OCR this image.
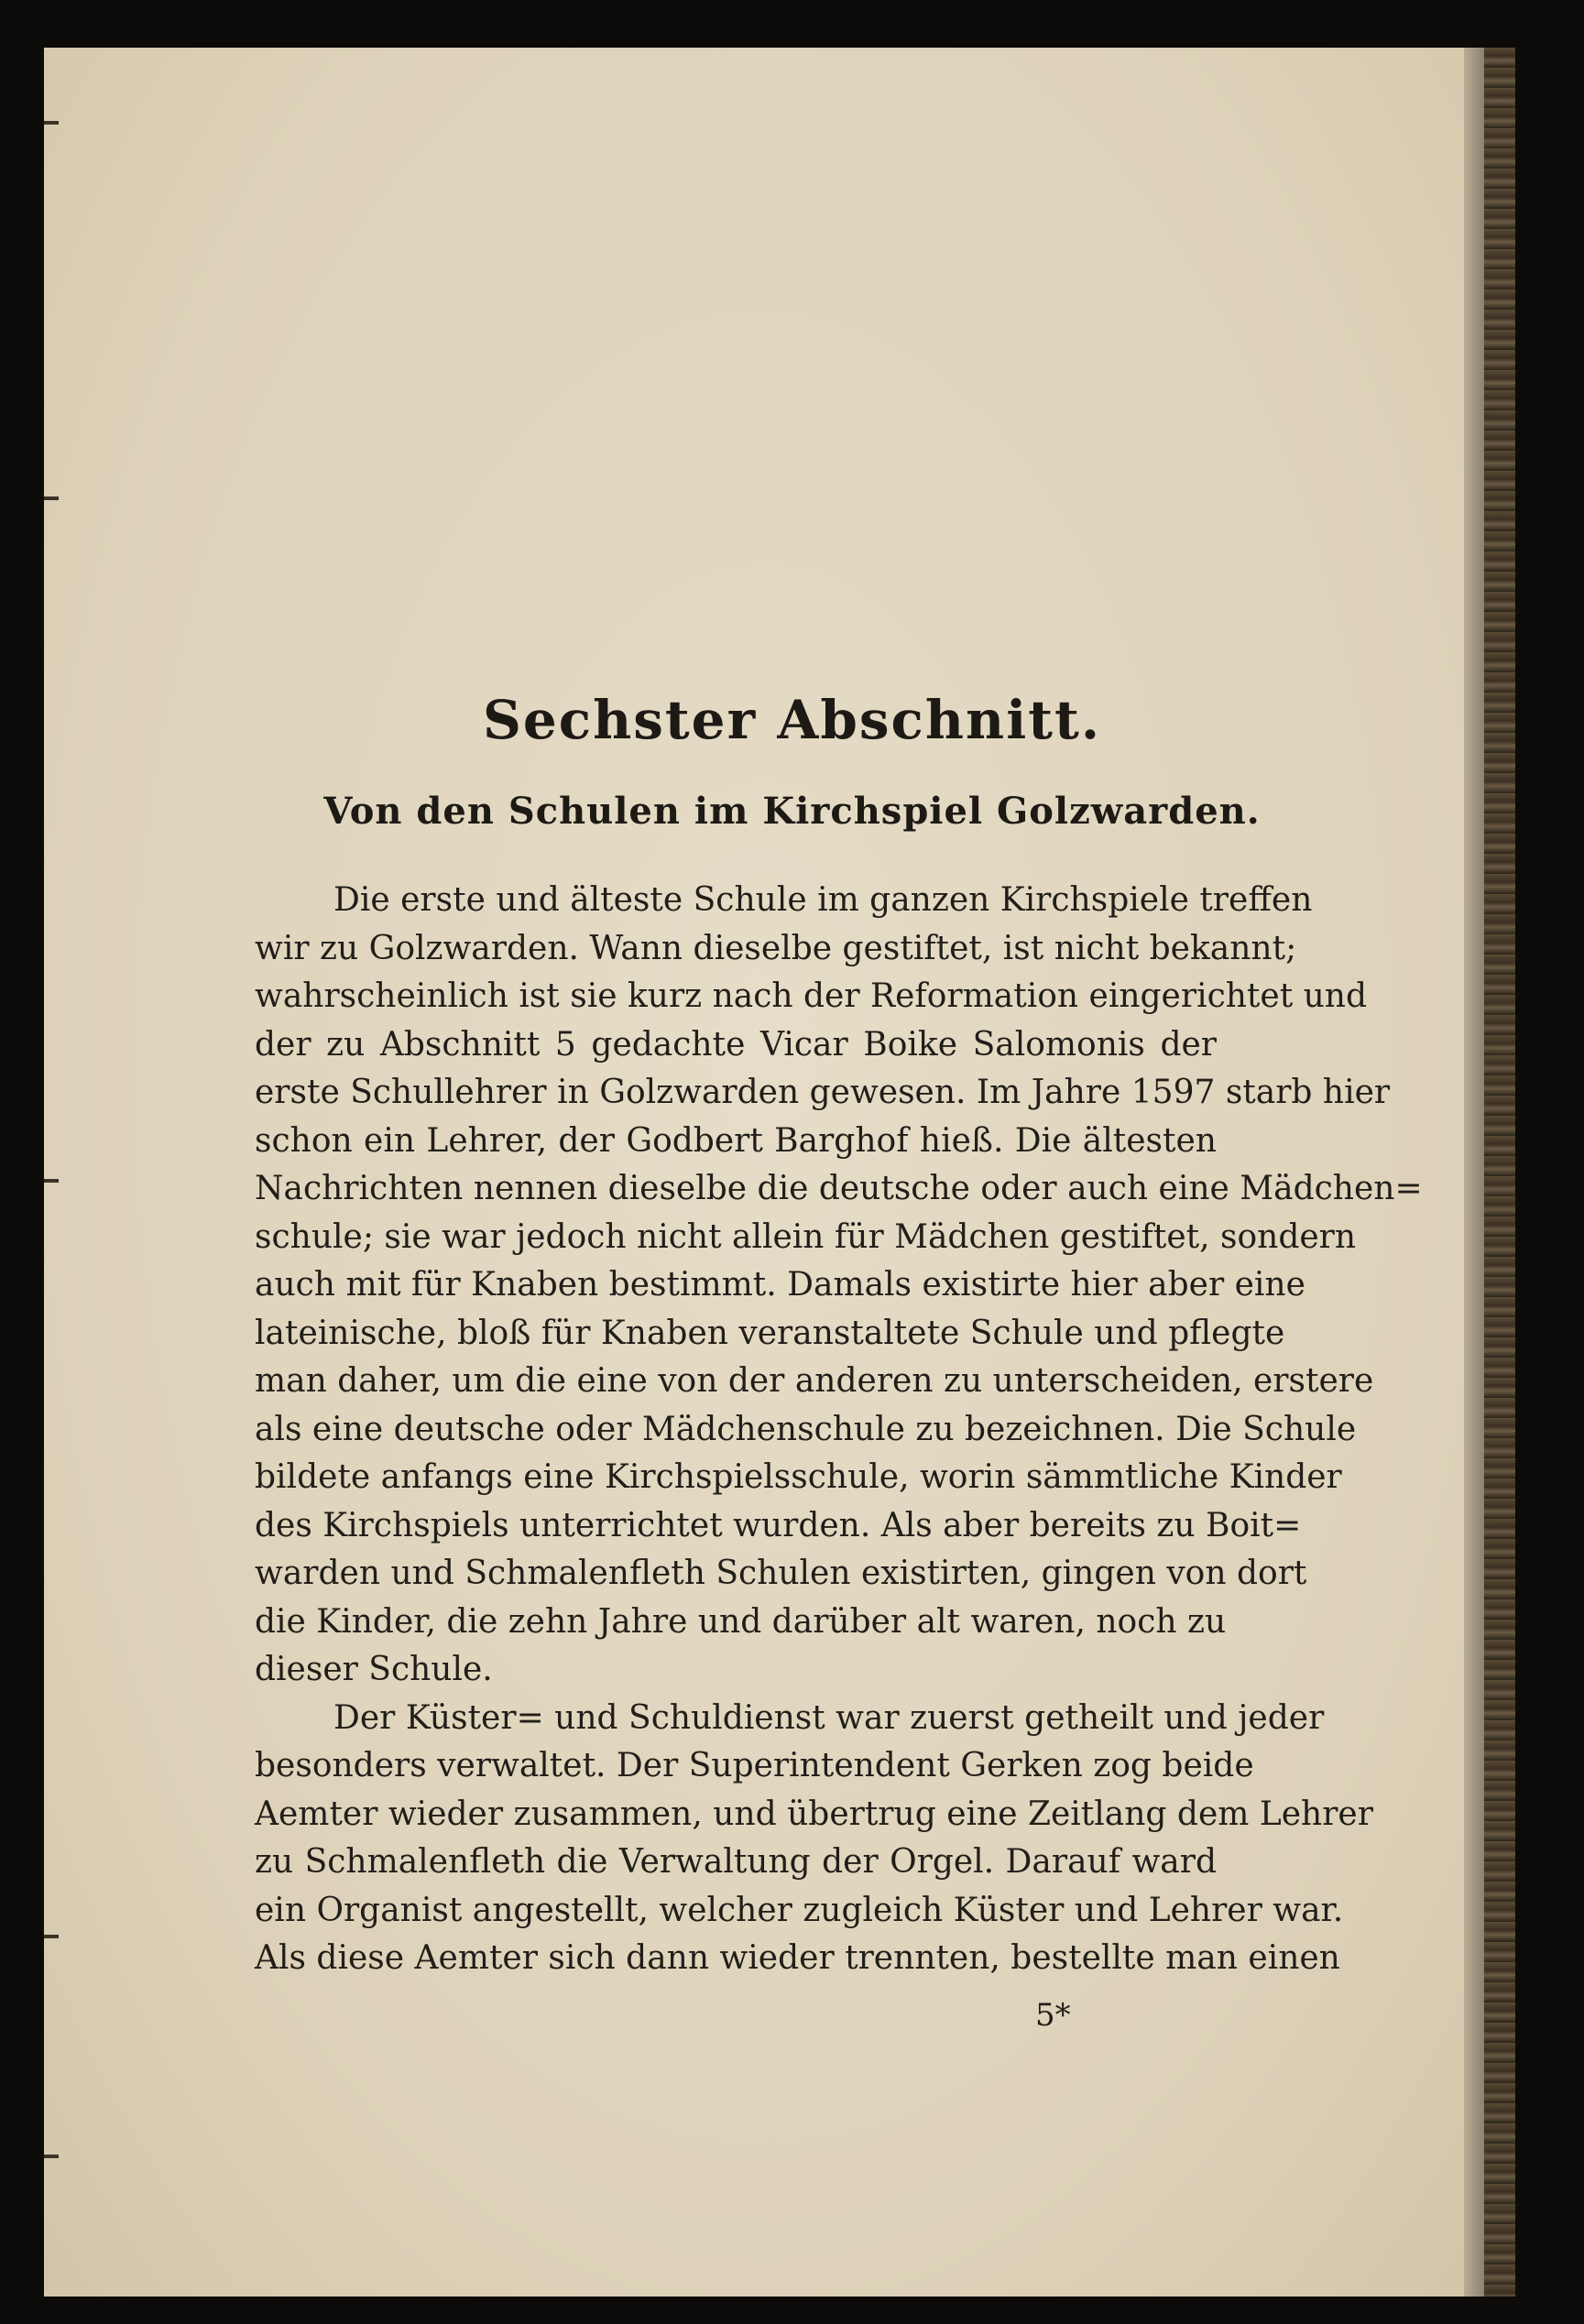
Sechster Abschnitt.
Von den Schulen im Kirchspiel Golzwarden.
Die erste und älteste Schule im ganzen Kirchspiele treffen
wir zu Golzwarden. Wann dieselbe gestiftet, ist nicht bekannt;
wahrscheinlich ist sie kurz nach der Reformation eingerichtet und
der zu Abschnitt 5 gedachte Vicar Boike Salomonis der
erste Schullehrer in Golzwarden gewesen. Im Jahre 1597 starb hier
schon ein Lehrer, der Godbert Barghof hieß. Die ältesten
Nachrichten nennen dieselbe die deutsche oder auch eine Mädchen=
schule; sie war jedoch nicht allein für Mädchen gestiftet, sondern
auch mit für Knaben bestimmt. Damals existirte hier aber eine
lateinische, bloß für Knaben veranstaltete Schule und pflegte
man daher, um die eine von der anderen zu unterscheiden, erstere
als eine deutsche oder Mädchenschule zu bezeichnen. Die Schule
bildete anfangs eine Kirchspielsschule, worin sämmtliche Kinder
des Kirchspiels unterrichtet wurden. Als aber bereits zu Boit=
warden und Schmalenfleth Schulen existirten, gingen von dort
die Kinder, die zehn Jahre und darüber alt waren, noch zu
dieser Schule.
Der Küster= und Schuldienst war zuerst getheilt und jeder
besonders verwaltet. Der Superintendent Gerken zog beide
Aemter wieder zusammen, und übertrug eine Zeitlang dem Lehrer
zu Schmalenfleth die Verwaltung der Orgel. Darauf ward
ein Organist angestellt, welcher zugleich Küster und Lehrer war.
Als diese Aemter sich dann wieder trennten, bestellte man einen
5*
